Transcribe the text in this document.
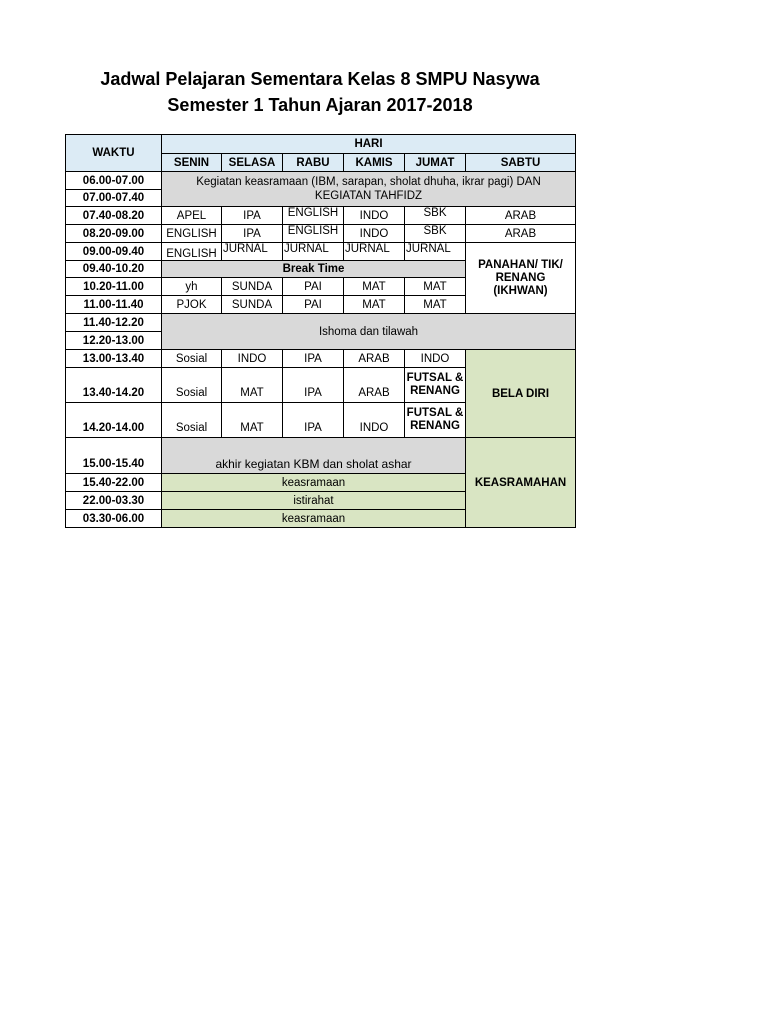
Jadwal Pelajaran Sementara Kelas 8 SMPU Nasywa
Semester 1 Tahun Ajaran 2017-2018
WAKTU	HARI					
	SENIN	SELASA	RABU	KAMIS	JUMAT	SABTU
06.00-07.00	Kegiatan keasramaan (IBM, sarapan, sholat dhuha, ikrar pagi) DAN KEGIATAN TAHFIDZ					
07.00-07.40						
07.40-08.20	APEL	IPA	ENGLISH	INDO	SBK	ARAB
08.20-09.00	ENGLISH	IPA	ENGLISH	INDO	SBK	ARAB
09.00-09.40	ENGLISH	JURNAL	JURNAL	JURNAL	JURNAL	PANAHAN/ TIK/ RENANG (IKHWAN)
09.40-10.20	Break Time					
10.20-11.00	yh	SUNDA	PAI	MAT	MAT	
11.00-11.40	PJOK	SUNDA	PAI	MAT	MAT	
11.40-12.20	Ishoma dan tilawah					
12.20-13.00						
13.00-13.40	Sosial	INDO	IPA	ARAB	INDO	BELA DIRI
13.40-14.20	Sosial	MAT	IPA	ARAB	FUTSAL & RENANG	
14.20-14.00	Sosial	MAT	IPA	INDO	FUTSAL & RENANG	
15.00-15.40	akhir kegiatan KBM dan sholat ashar					KEASRAMAHAN
15.40-22.00	keasramaan					
22.00-03.30	istirahat					
03.30-06.00	keasramaan					
